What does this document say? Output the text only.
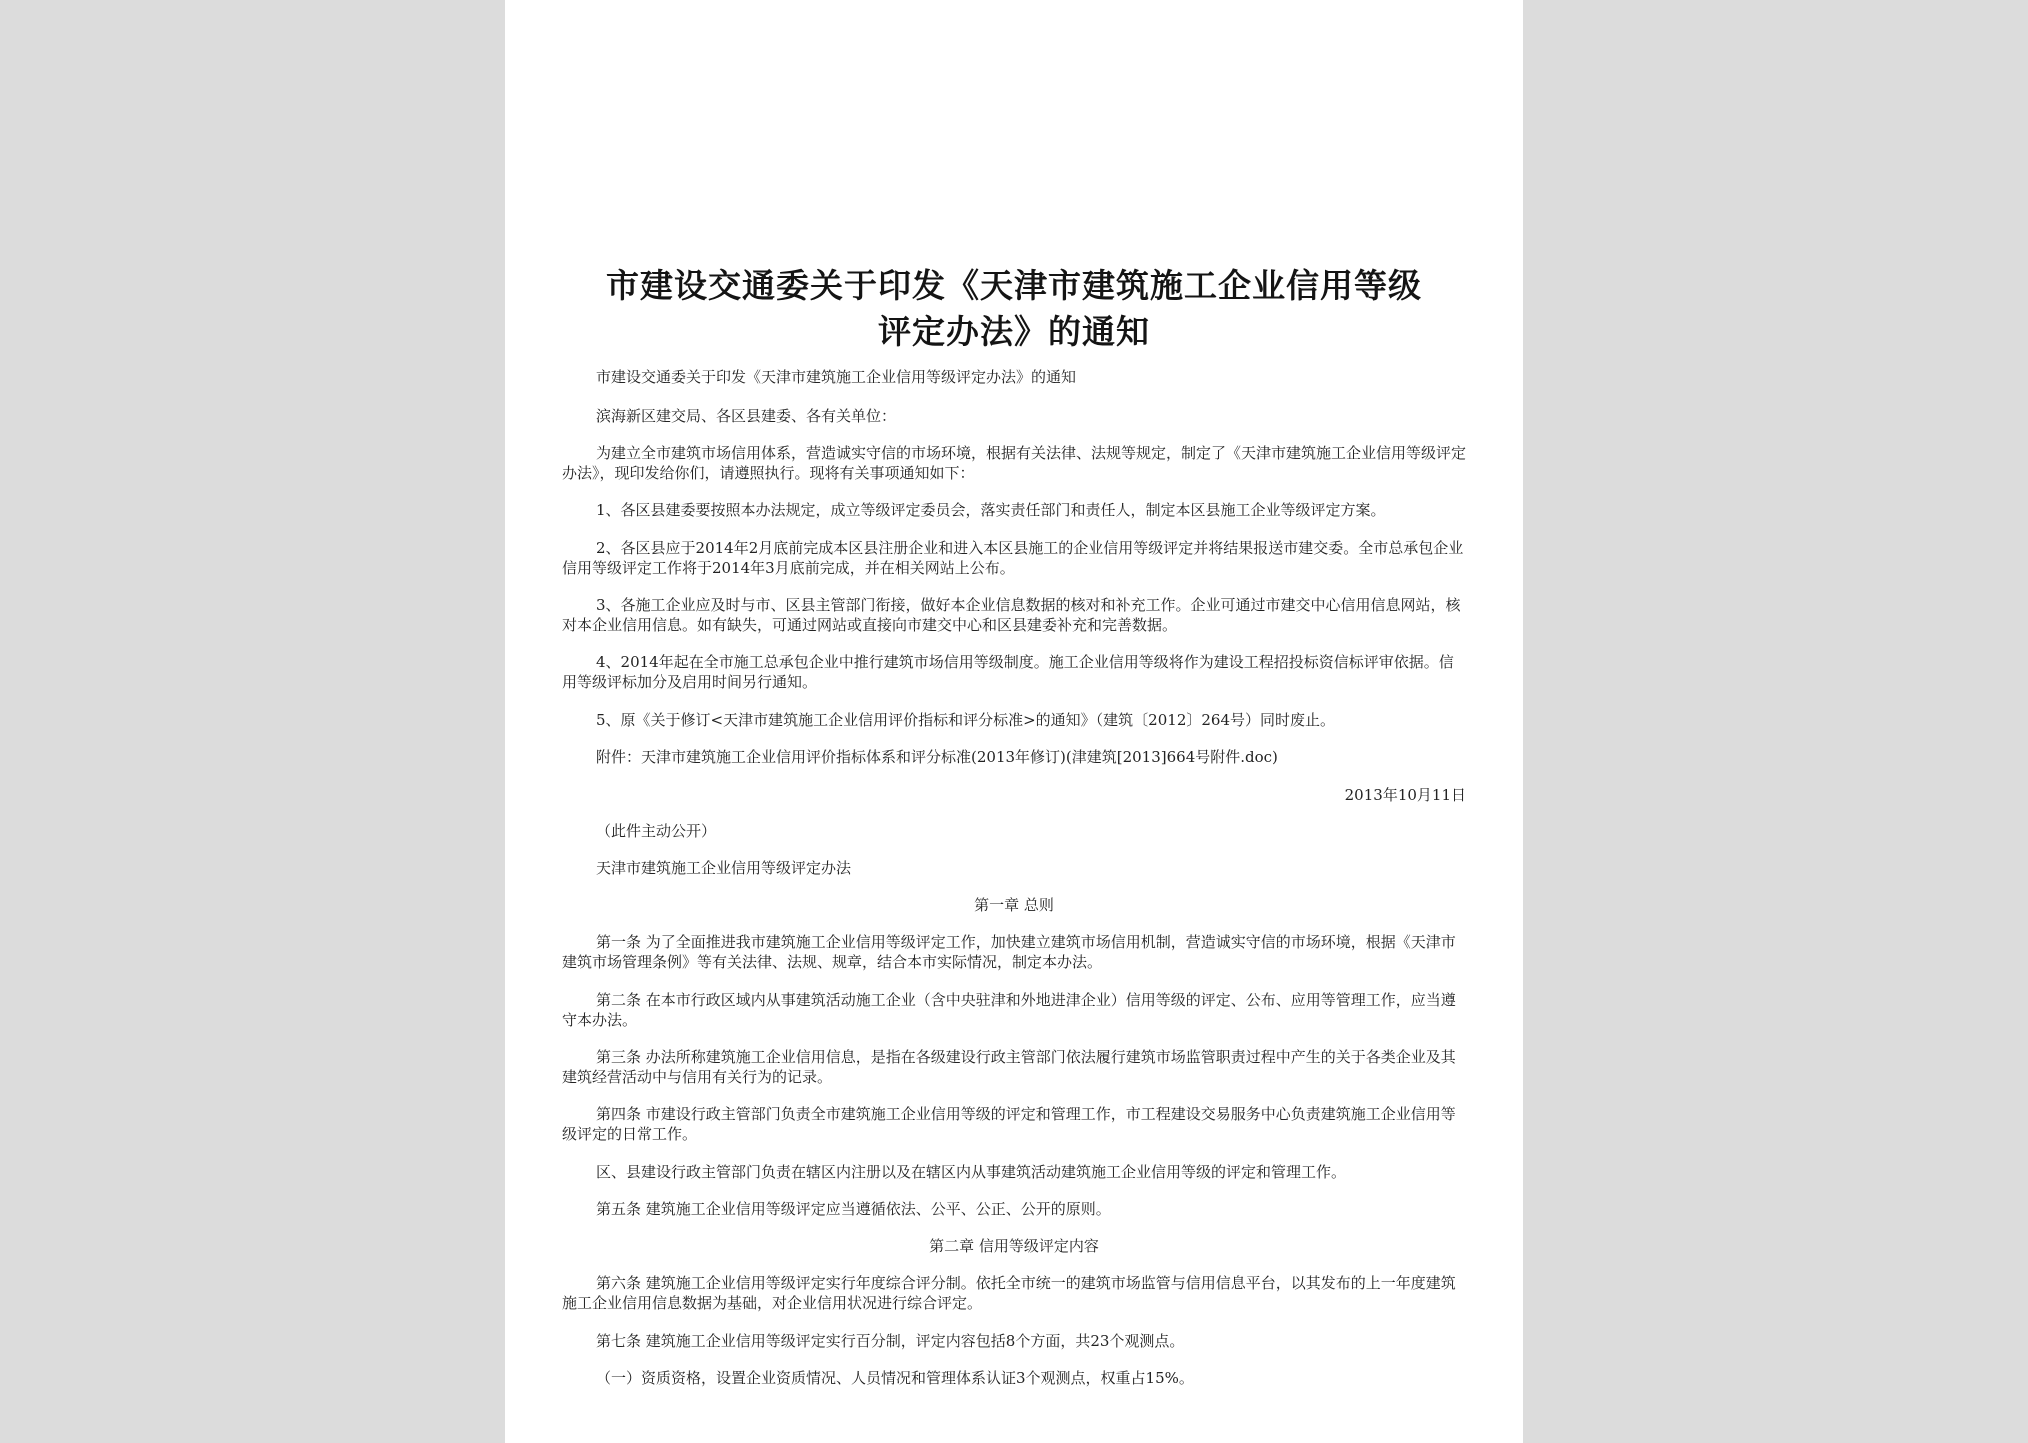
市建设交通委关于印发《天津市建筑施工企业信用等级
评定办法》的通知
市建设交通委关于印发《天津市建筑施工企业信用等级评定办法》的通知
滨海新区建交局、各区县建委、各有关单位：
为建立全市建筑市场信用体系，营造诚实守信的市场环境，根据有关法律、法规等规定，制定了《天津市建筑施工企业信用等级评定办法》，现印发给你们，请遵照执行。现将有关事项通知如下：
1、各区县建委要按照本办法规定，成立等级评定委员会，落实责任部门和责任人，制定本区县施工企业等级评定方案。
2、各区县应于2014年2月底前完成本区县注册企业和进入本区县施工的企业信用等级评定并将结果报送市建交委。全市总承包企业信用等级评定工作将于2014年3月底前完成，并在相关网站上公布。
3、各施工企业应及时与市、区县主管部门衔接，做好本企业信息数据的核对和补充工作。企业可通过市建交中心信用信息网站，核对本企业信用信息。如有缺失，可通过网站或直接向市建交中心和区县建委补充和完善数据。
4、2014年起在全市施工总承包企业中推行建筑市场信用等级制度。施工企业信用等级将作为建设工程招投标资信标评审依据。信用等级评标加分及启用时间另行通知。
5、原《关于修订<天津市建筑施工企业信用评价指标和评分标准>的通知》（建筑〔2012〕264号）同时废止。
附件：天津市建筑施工企业信用评价指标体系和评分标准(2013年修订)(津建筑[2013]664号附件.doc)
2013年10月11日
（此件主动公开）
天津市建筑施工企业信用等级评定办法
第一章 总则
第一条 为了全面推进我市建筑施工企业信用等级评定工作，加快建立建筑市场信用机制，营造诚实守信的市场环境，根据《天津市建筑市场管理条例》等有关法律、法规、规章，结合本市实际情况，制定本办法。
第二条 在本市行政区域内从事建筑活动施工企业（含中央驻津和外地进津企业）信用等级的评定、公布、应用等管理工作，应当遵守本办法。
第三条 办法所称建筑施工企业信用信息，是指在各级建设行政主管部门依法履行建筑市场监管职责过程中产生的关于各类企业及其建筑经营活动中与信用有关行为的记录。
第四条 市建设行政主管部门负责全市建筑施工企业信用等级的评定和管理工作，市工程建设交易服务中心负责建筑施工企业信用等级评定的日常工作。
区、县建设行政主管部门负责在辖区内注册以及在辖区内从事建筑活动建筑施工企业信用等级的评定和管理工作。
第五条 建筑施工企业信用等级评定应当遵循依法、公平、公正、公开的原则。
第二章 信用等级评定内容
第六条 建筑施工企业信用等级评定实行年度综合评分制。依托全市统一的建筑市场监管与信用信息平台，以其发布的上一年度建筑施工企业信用信息数据为基础，对企业信用状况进行综合评定。
第七条 建筑施工企业信用等级评定实行百分制，评定内容包括8个方面，共23个观测点。
（一）资质资格，设置企业资质情况、人员情况和管理体系认证3个观测点，权重占15%。
